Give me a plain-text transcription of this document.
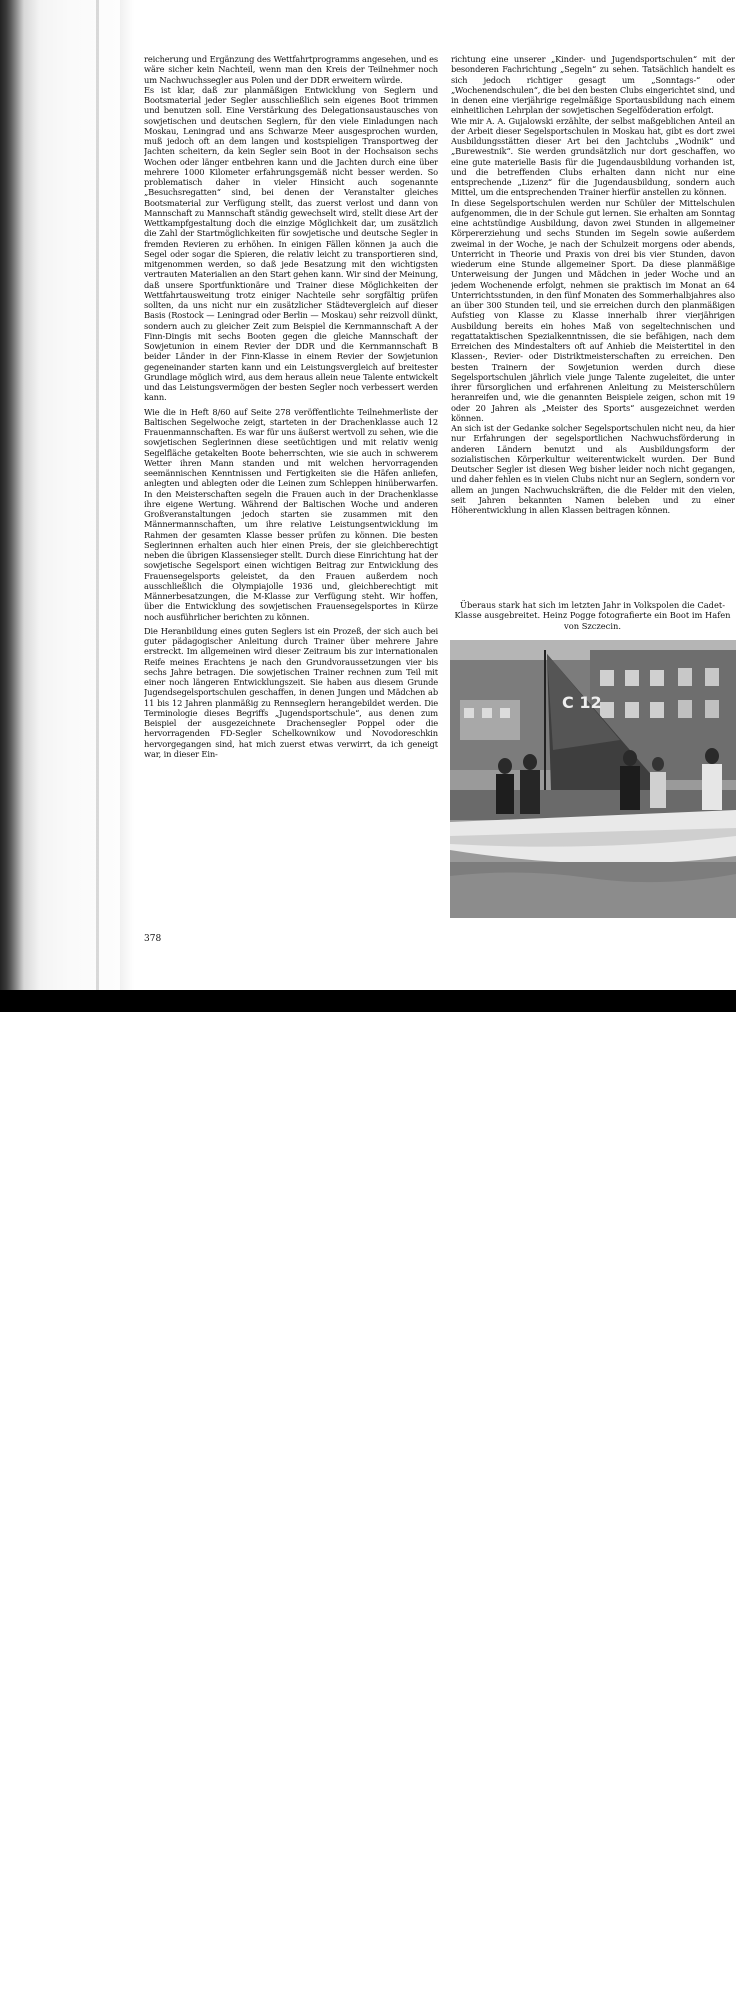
reicherung und Ergänzung des Wettfahrtprogramms angesehen, und es wäre sicher kein Nachteil, wenn man den Kreis der Teilnehmer noch um Nachwuchssegler aus Polen und der DDR erweitern würde.

Es ist klar, daß zur planmäßigen Entwicklung von Seglern und Bootsmaterial jeder Segler ausschließlich sein eigenes Boot trimmen und benutzen soll. Eine Verstärkung des Delegationsaustausches von sowjetischen und deutschen Seglern, für den viele Einladungen nach Moskau, Leningrad und ans Schwarze Meer ausgesprochen wurden, muß jedoch oft an dem langen und kostspieligen Transportweg der Jachten scheitern, da kein Segler sein Boot in der Hochsaison sechs Wochen oder länger entbehren kann und die Jachten durch eine über mehrere 1000 Kilometer erfahrungsgemäß nicht besser werden. So problematisch daher in vieler Hinsicht auch sogenannte „Besuchsregatten“ sind, bei denen der Veranstalter gleiches Bootsmaterial zur Verfügung stellt, das zuerst verlost und dann von Mannschaft zu Mannschaft ständig gewechselt wird, stellt diese Art der Wettkampfgestaltung doch die einzige Möglichkeit dar, um zusätzlich die Zahl der Startmöglichkeiten für sowjetische und deutsche Segler in fremden Revieren zu erhöhen. In einigen Fällen können ja auch die Segel oder sogar die Spieren, die relativ leicht zu transportieren sind, mitgenommen werden, so daß jede Besatzung mit den wichtigsten vertrauten Materialien an den Start gehen kann. Wir sind der Meinung, daß unsere Sportfunktionäre und Trainer diese Möglichkeiten der Wettfahrtausweitung trotz einiger Nachteile sehr sorgfältig prüfen sollten, da uns nicht nur ein zusätzlicher Städtevergleich auf dieser Basis (Rostock — Leningrad oder Berlin — Moskau) sehr reizvoll dünkt, sondern auch zu gleicher Zeit zum Beispiel die Kernmannschaft A der Finn-Dingis mit sechs Booten gegen die gleiche Mannschaft der Sowjetunion in einem Revier der DDR und die Kernmannschaft B beider Länder in der Finn-Klasse in einem Revier der Sowjetunion gegeneinander starten kann und ein Leistungsvergleich auf breitester Grundlage möglich wird, aus dem heraus allein neue Talente entwickelt und das Leistungsvermögen der besten Segler noch verbessert werden kann.

Wie die in Heft 8/60 auf Seite 278 veröffentlichte Teilnehmerliste der Baltischen Segelwoche zeigt, starteten in der Drachenklasse auch 12 Frauenmannschaften. Es war für uns äußerst wertvoll zu sehen, wie die sowjetischen Seglerinnen diese seetüchtigen und mit relativ wenig Segelfläche getakelten Boote beherrschten, wie sie auch in schwerem Wetter ihren Mann standen und mit welchen hervorragenden seemännischen Kenntnissen und Fertigkeiten sie die Häfen anliefen, anlegten und ablegten oder die Leinen zum Schleppen hinüberwarfen. In den Meisterschaften segeln die Frauen auch in der Drachenklasse ihre eigene Wertung. Während der Baltischen Woche und anderen Großveranstaltungen jedoch starten sie zusammen mit den Männermannschaften, um ihre relative Leistungsentwicklung im Rahmen der gesamten Klasse besser prüfen zu können. Die besten Seglerinnen erhalten auch hier einen Preis, der sie gleichberechtigt neben die übrigen Klassensieger stellt. Durch diese Einrichtung hat der sowjetische Segelsport einen wichtigen Beitrag zur Entwicklung des Frauensegelsports geleistet, da den Frauen außerdem noch ausschließlich die Olympiajolle 1936 und, gleichberechtigt mit Männerbesatzungen, die M-Klasse zur Verfügung steht. Wir hoffen, über die Entwicklung des sowjetischen Frauensegelsportes in Kürze noch ausführlicher berichten zu können.

Die Heranbildung eines guten Seglers ist ein Prozeß, der sich auch bei guter pädagogischer Anleitung durch Trainer über mehrere Jahre erstreckt. Im allgemeinen wird dieser Zeitraum bis zur internationalen Reife meines Erachtens je nach den Grundvoraussetzungen vier bis sechs Jahre betragen. Die sowjetischen Trainer rechnen zum Teil mit einer noch längeren Entwicklungszeit. Sie haben aus diesem Grunde Jugendsegelsportschulen geschaffen, in denen Jungen und Mädchen ab 11 bis 12 Jahren planmäßig zu Rennseglern herangebildet werden. Die Terminologie dieses Begriffs „Jugendsportschule“, aus denen zum Beispiel der ausgezeichnete Drachensegler Poppel oder die hervorragenden FD-Segler Schelkownikow und Novodoreschkin hervorgegangen sind, hat mich zuerst etwas verwirrt, da ich geneigt war, in dieser Ein-

richtung eine unserer „Kinder- und Jugendsportschulen“ mit der besonderen Fachrichtung „Segeln“ zu sehen. Tatsächlich handelt es sich jedoch richtiger gesagt um „Sonntags-“ oder „Wochenendschulen“, die bei den besten Clubs eingerichtet sind, und in denen eine vierjährige regelmäßige Sportausbildung nach einem einheitlichen Lehrplan der sowjetischen Segelföderation erfolgt.

Wie mir A. A. Gujalowski erzählte, der selbst maßgeblichen Anteil an der Arbeit dieser Segelsportschulen in Moskau hat, gibt es dort zwei Ausbildungsstätten dieser Art bei den Jachtclubs „Wodnik“ und „Burewestnik“. Sie werden grundsätzlich nur dort geschaffen, wo eine gute materielle Basis für die Jugendausbildung vorhanden ist, und die betreffenden Clubs erhalten dann nicht nur eine entsprechende „Lizenz“ für die Jugendausbildung, sondern auch Mittel, um die entsprechenden Trainer hierfür anstellen zu können.

In diese Segelsportschulen werden nur Schüler der Mittelschulen aufgenommen, die in der Schule gut lernen. Sie erhalten am Sonntag eine achtstündige Ausbildung, davon zwei Stunden in allgemeiner Körpererziehung und sechs Stunden im Segeln sowie außerdem zweimal in der Woche, je nach der Schulzeit morgens oder abends, Unterricht in Theorie und Praxis von drei bis vier Stunden, davon wiederum eine Stunde allgemeiner Sport. Da diese planmäßige Unterweisung der Jungen und Mädchen in jeder Woche und an jedem Wochenende erfolgt, nehmen sie praktisch im Monat an 64 Unterrichtsstunden, in den fünf Monaten des Sommerhalbjahres also an über 300 Stunden teil, und sie erreichen durch den planmäßigen Aufstieg von Klasse zu Klasse innerhalb ihrer vierjährigen Ausbildung bereits ein hohes Maß von segeltechnischen und regattataktischen Spezialkenntnissen, die sie befähigen, nach dem Erreichen des Mindestalters oft auf Anhieb die Meistertitel in den Klassen-, Revier- oder Distriktmeisterschaften zu erreichen. Den besten Trainern der Sowjetunion werden durch diese Segelsportschulen jährlich viele junge Talente zugeleitet, die unter ihrer fürsorglichen und erfahrenen Anleitung zu Meisterschülern heranreifen und, wie die genannten Beispiele zeigen, schon mit 19 oder 20 Jahren als „Meister des Sports“ ausgezeichnet werden können.

An sich ist der Gedanke solcher Segelsportschulen nicht neu, da hier nur Erfahrungen der segelsportlichen Nachwuchsförderung in anderen Ländern benutzt und als Ausbildungsform der sozialistischen Körperkultur weiterentwickelt wurden. Der Bund Deutscher Segler ist diesen Weg bisher leider noch nicht gegangen, und daher fehlen es in vielen Clubs nicht nur an Seglern, sondern vor allem an jungen Nachwuchskräften, die die Felder mit den vielen, seit Jahren bekannten Namen beleben und zu einer Höherentwicklung in allen Klassen beitragen können.

Überaus stark hat sich im letzten Jahr in Volkspolen die Cadet-Klasse ausgebreitet. Heinz Pogge fotografierte ein Boot im Hafen von Szczecin.
C 12
378
© yachtsportmuseum.de
